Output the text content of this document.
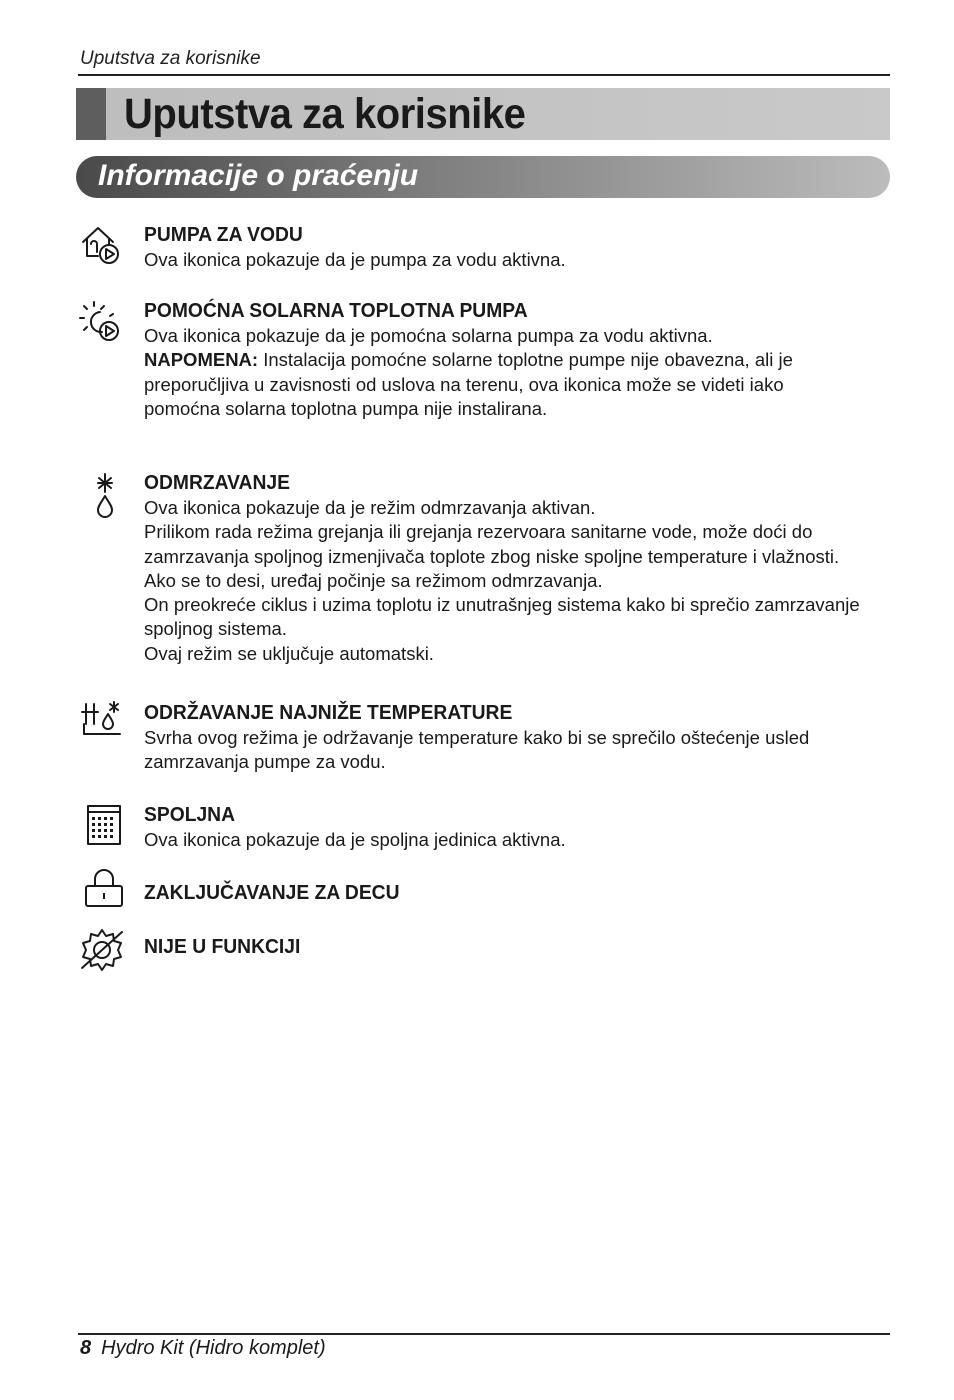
Uputstva za korisnike
Uputstva za korisnike
Informacije o praćenju
PUMPA ZA VODU

Ova ikonica pokazuje da je pumpa za vodu aktivna.

POMOĆNA SOLARNA TOPLOTNA PUMPA

Ova ikonica pokazuje da je pomoćna solarna pumpa za vodu aktivna.
NAPOMENA: Instalacija pomoćne solarne toplotne pumpe nije obavezna, ali je
preporučljiva u zavisnosti od uslova na terenu, ova ikonica može se videti iako
pomoćna solarna toplotna pumpa nije instalirana.

ODMRZAVANJE

Ova ikonica pokazuje da je režim odmrzavanja aktivan.
Prilikom rada režima grejanja ili grejanja rezervoara sanitarne vode, može doći do
zamrzavanja spoljnog izmenjivača toplote zbog niske spoljne temperature i vlažnosti.
Ako se to desi, uređaj počinje sa režimom odmrzavanja.
On preokreće ciklus i uzima toplotu iz unutrašnjeg sistema kako bi sprečio zamrzavanje
spoljnog sistema.
Ovaj režim se uključuje automatski.

ODRŽAVANJE NAJNIŽE TEMPERATURE

Svrha ovog režima je održavanje temperature kako bi se sprečilo oštećenje usled
zamrzavanja pumpe za vodu.

SPOLJNA

Ova ikonica pokazuje da je spoljna jedinica aktivna.

ZAKLJUČAVANJE ZA DECU
NIJE U FUNKCIJI
8 Hydro Kit (Hidro komplet)
